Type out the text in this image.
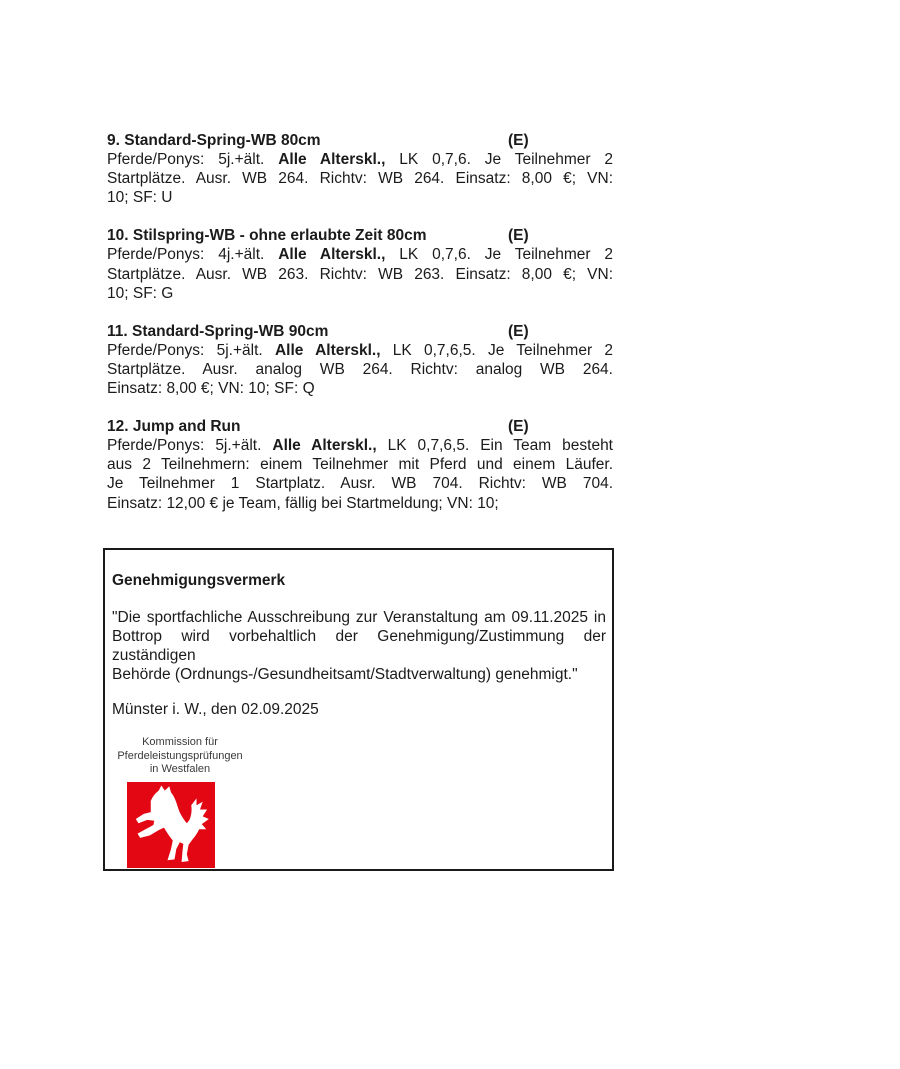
9. Standard-Spring-WB 80cm	(E)
Pferde/Ponys: 5j.+ält. Alle Alterskl., LK 0,7,6. Je Teilnehmer 2
Startplätze. Ausr. WB 264. Richtv: WB 264. Einsatz: 8,00 €; VN:
10; SF: U
10. Stilspring-WB - ohne erlaubte Zeit 80cm	(E)
Pferde/Ponys: 4j.+ält. Alle Alterskl., LK 0,7,6. Je Teilnehmer 2
Startplätze. Ausr. WB 263. Richtv: WB 263. Einsatz: 8,00 €; VN:
10; SF: G
11. Standard-Spring-WB 90cm	(E)
Pferde/Ponys: 5j.+ält. Alle Alterskl., LK 0,7,6,5. Je Teilnehmer 2
Startplätze. Ausr. analog WB 264. Richtv: analog WB 264.
Einsatz: 8,00 €; VN: 10; SF: Q
12. Jump and Run	(E)
Pferde/Ponys: 5j.+ält. Alle Alterskl., LK 0,7,6,5. Ein Team besteht
aus 2 Teilnehmern: einem Teilnehmer mit Pferd und einem Läufer.
Je Teilnehmer 1 Startplatz. Ausr. WB 704. Richtv: WB 704.
Einsatz: 12,00 € je Team, fällig bei Startmeldung; VN: 10;
Genehmigungsvermerk
"Die sportfachliche Ausschreibung zur Veranstaltung am 09.11.2025 in
Bottrop wird vorbehaltlich der Genehmigung/Zustimmung der zuständigen
Behörde (Ordnungs-/Gesundheitsamt/Stadtverwaltung) genehmigt."

Münster i. W., den 02.09.2025

Kommission für
Pferdeleistungsprüfungen
in Westfalen
